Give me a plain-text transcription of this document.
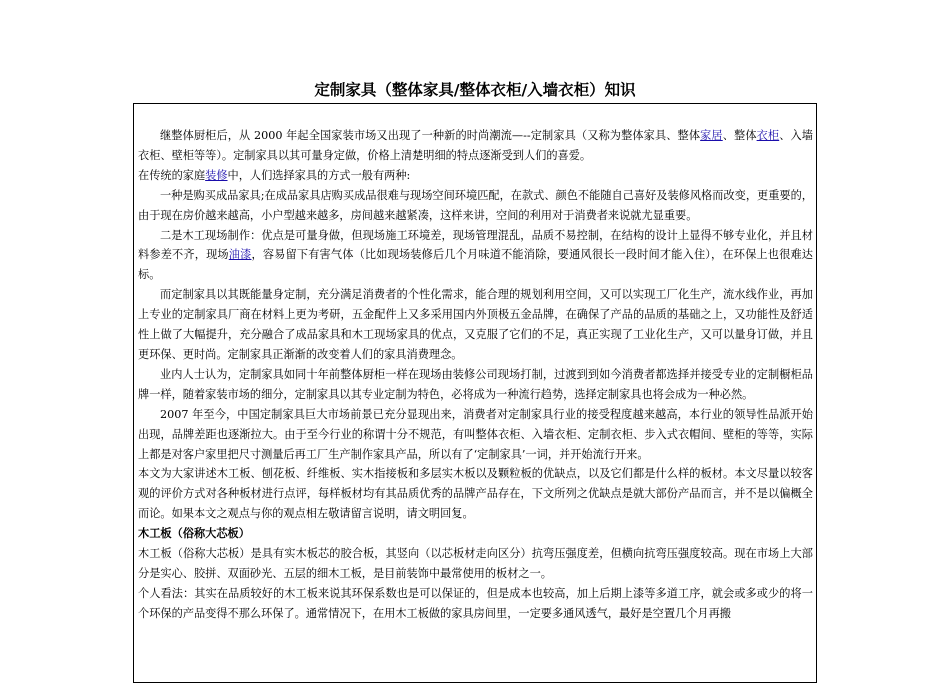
定制家具（整体家具/整体衣柜/入墙衣柜）知识

继整体厨柜后，从 2000 年起全国家装市场又出现了一种新的时尚潮流—--定制家具（又称为整体家具、整体家居、整体衣柜、入墙衣柜、壁柜等等）。定制家具以其可量身定做，价格上清楚明细的特点逐渐受到人们的喜爱。

在传统的家庭装修中，人们选择家具的方式一般有两种:

一种是购买成品家具;在成品家具店购买成品很难与现场空间环境匹配，在款式、颜色不能随自己喜好及装修风格而改变，更重要的，由于现在房价越来越高，小户型越来越多，房间越来越紧凑，这样来讲，空间的利用对于消费者来说就尤显重要。

二是木工现场制作：优点是可量身做，但现场施工环境差，现场管理混乱，品质不易控制，在结构的设计上显得不够专业化，并且材料参差不齐，现场油漆，容易留下有害气体（比如现场装修后几个月味道不能消除，要通风很长一段时间才能入住），在环保上也很难达标。

而定制家具以其既能量身定制，充分满足消费者的个性化需求，能合理的规划利用空间，又可以实现工厂化生产，流水线作业，再加上专业的定制家具厂商在材料上更为考研，五金配件上又多采用国内外顶极五金品牌，在确保了产品的品质的基础之上，又功能性及舒适性上做了大幅提升，充分融合了成品家具和木工现场家具的优点，又克服了它们的不足，真正实现了工业化生产，又可以量身订做，并且更环保、更时尚。定制家具正渐渐的改变着人们的家具消费理念。

业内人士认为，定制家具如同十年前整体厨柜一样在现场由装修公司现场打制，过渡到到如今消费者都选择并接受专业的定制橱柜品牌一样，随着家装市场的细分，定制家具以其专业定制为特色，必将成为一种流行趋势，选择定制家具也将会成为一种必然。

2007 年至今，中国定制家具巨大市场前景已充分显现出来，消费者对定制家具行业的接受程度越来越高，本行业的领导性品派开始出现，品牌差距也逐渐拉大。由于至今行业的称谓十分不规范，有叫整体衣柜、入墙衣柜、定制衣柜、步入式衣帽间、壁柜的等等，实际上都是对客户家里把尺寸测量后再工厂生产制作家具产品，所以有了‘定制家具’一词，并开始流行开来。

本文为大家讲述木工板、刨花板、纤维板、实木指接板和多层实木板以及颗粒板的优缺点，以及它们都是什么样的板材。本文尽量以较客观的评价方式对各种板材进行点评，每样板材均有其品质优秀的品牌产品存在，下文所列之优缺点是就大部份产品而言，并不是以偏概全而论。如果本文之观点与你的观点相左敬请留言说明，请文明回复。

木工板（俗称大芯板）

木工板（俗称大芯板）是具有实木板芯的胶合板，其竖向（以芯板材走向区分）抗弯压强度差，但横向抗弯压强度较高。现在市场上大部分是实心、胶拼、双面砂光、五层的细木工板，是目前装饰中最常使用的板材之一。

个人看法：其实在品质较好的木工板来说其环保系数也是可以保证的，但是成本也较高，加上后期上漆等多道工序，就会或多或少的将一个环保的产品变得不那么环保了。通常情况下，在用木工板做的家具房间里，一定要多通风透气，最好是空置几个月再搬
